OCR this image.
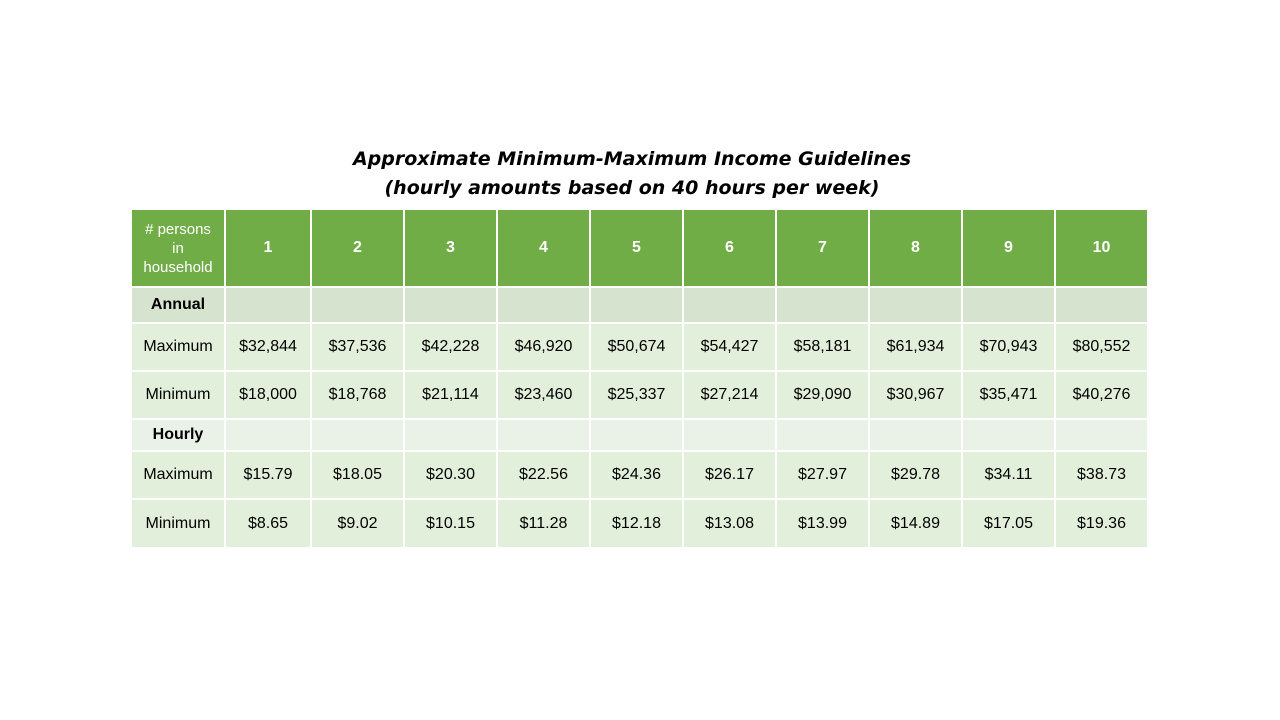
Approximate Minimum-Maximum Income Guidelines
(hourly amounts based on 40 hours per week)
# persons
in
household	1	2	3	4	5	6	7	8	9	10
Annual										
Maximum	$32,844	$37,536	$42,228	$46,920	$50,674	$54,427	$58,181	$61,934	$70,943	$80,552
Minimum	$18,000	$18,768	$21,114	$23,460	$25,337	$27,214	$29,090	$30,967	$35,471	$40,276
Hourly										
Maximum	$15.79	$18.05	$20.30	$22.56	$24.36	$26.17	$27.97	$29.78	$34.11	$38.73
Minimum	$8.65	$9.02	$10.15	$11.28	$12.18	$13.08	$13.99	$14.89	$17.05	$19.36
